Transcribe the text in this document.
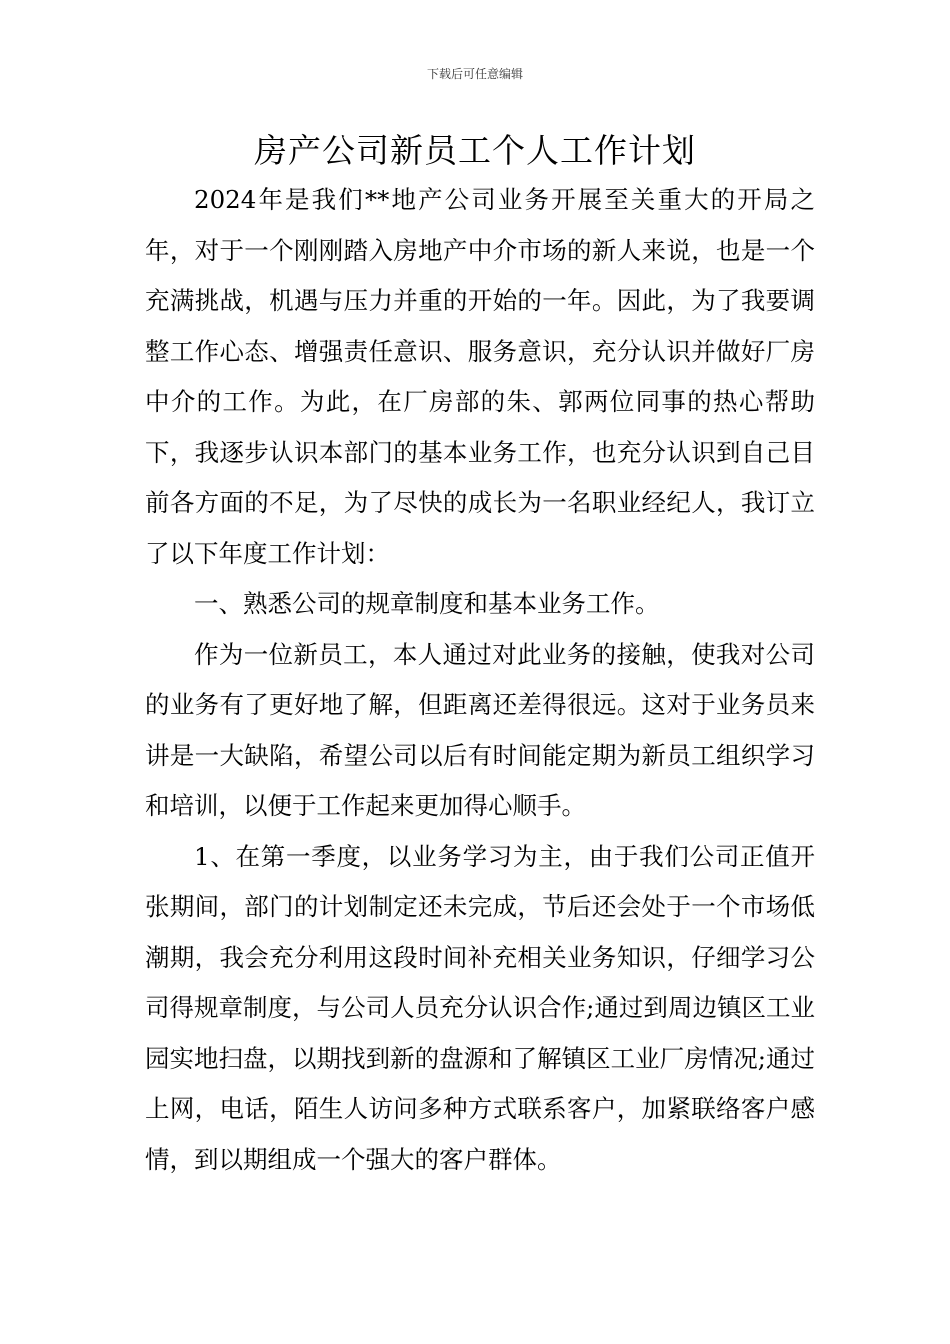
下载后可任意编辑
房产公司新员工个人工作计划

2024年是我们**地产公司业务开展至关重大的开局之年，对于一个刚刚踏入房地产中介市场的新人来说，也是一个充满挑战，机遇与压力并重的开始的一年。因此，为了我要调整工作心态、增强责任意识、服务意识，充分认识并做好厂房中介的工作。为此，在厂房部的朱、郭两位同事的热心帮助下，我逐步认识本部门的基本业务工作，也充分认识到自己目前各方面的不足，为了尽快的成长为一名职业经纪人，我订立了以下年度工作计划：

一、熟悉公司的规章制度和基本业务工作。

作为一位新员工，本人通过对此业务的接触，使我对公司的业务有了更好地了解，但距离还差得很远。这对于业务员来讲是一大缺陷，希望公司以后有时间能定期为新员工组织学习和培训，以便于工作起来更加得心顺手。

1、在第一季度，以业务学习为主，由于我们公司正值开张期间，部门的计划制定还未完成，节后还会处于一个市场低潮期，我会充分利用这段时间补充相关业务知识，仔细学习公司得规章制度，与公司人员充分认识合作;通过到周边镇区工业园实地扫盘，以期找到新的盘源和了解镇区工业厂房情况;通过上网，电话，陌生人访问多种方式联系客户，加紧联络客户感情，到以期组成一个强大的客户群体。
